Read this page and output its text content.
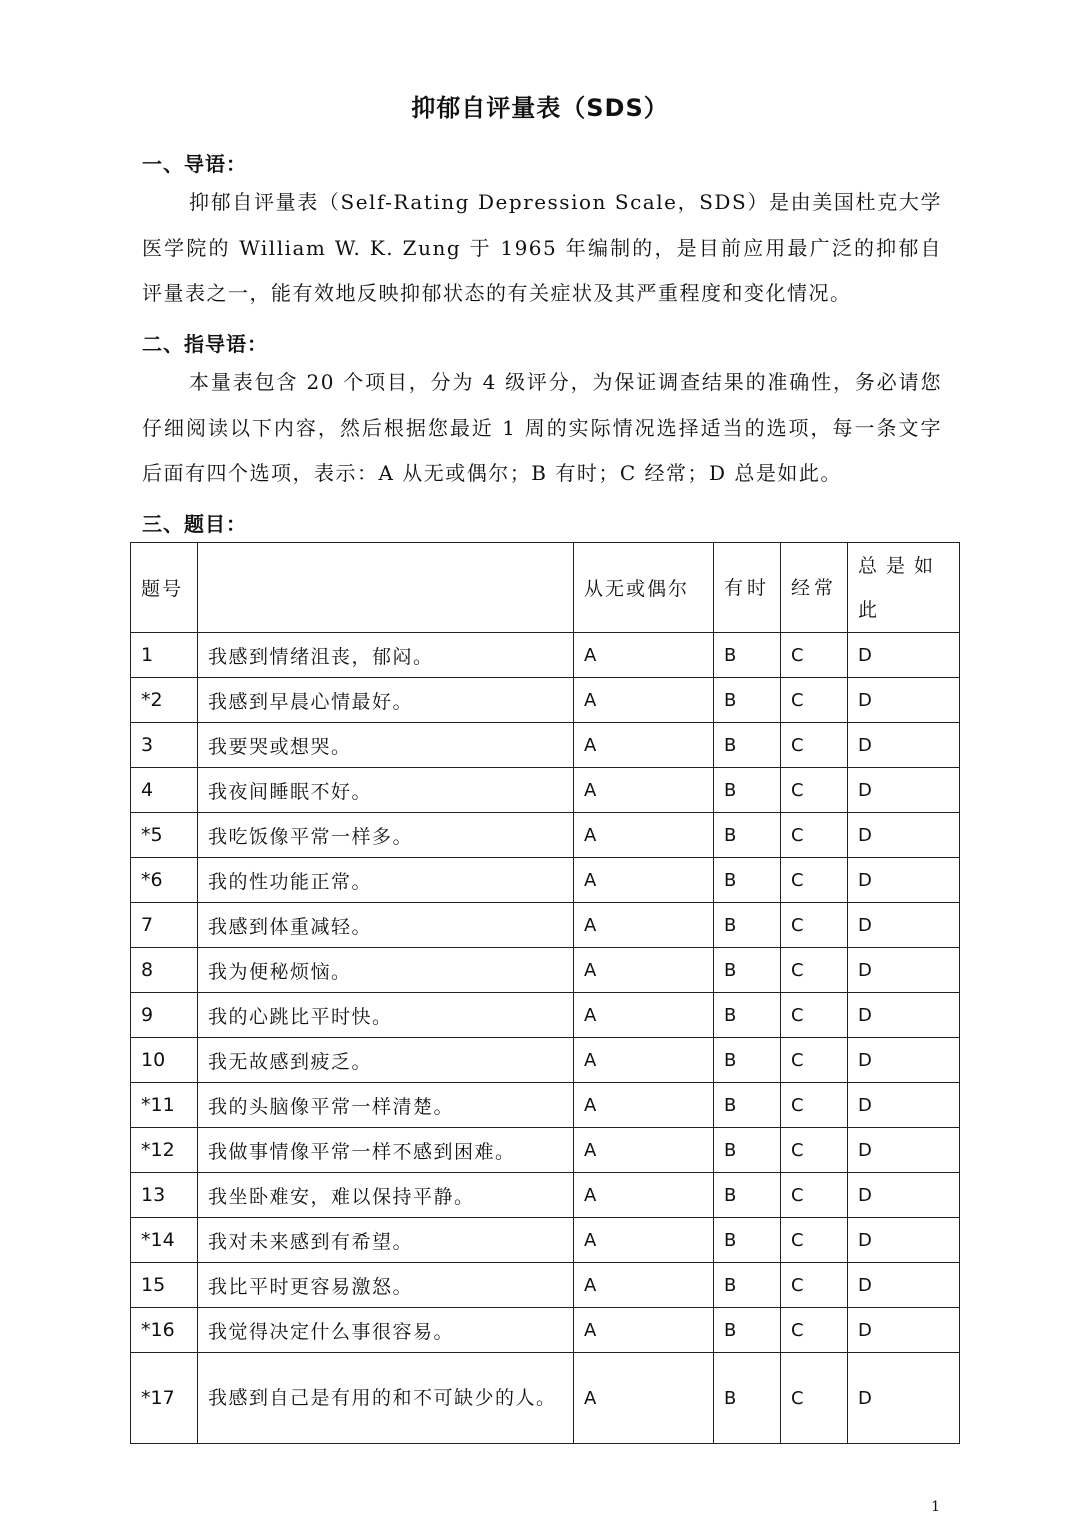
抑郁自评量表（SDS）
一、导语：

抑郁自评量表（Self-Rating Depression Scale，SDS）是由美国杜克大学医学院的 William W. K. Zung 于 1965 年编制的，是目前应用最广泛的抑郁自评量表之一，能有效地反映抑郁状态的有关症状及其严重程度和变化情况。

二、指导语：

本量表包含 20 个项目，分为 4 级评分，为保证调查结果的准确性，务必请您仔细阅读以下内容，然后根据您最近 1 周的实际情况选择适当的选项，每一条文字后面有四个选项，表示：A 从无或偶尔；B 有时；C 经常；D 总是如此。

三、题目：
题号		从无或偶尔	有时	经常	总是如此
1	我感到情绪沮丧，郁闷。	A	B	C	D
*2	我感到早晨心情最好。	A	B	C	D
3	我要哭或想哭。	A	B	C	D
4	我夜间睡眠不好。	A	B	C	D
*5	我吃饭像平常一样多。	A	B	C	D
*6	我的性功能正常。	A	B	C	D
7	我感到体重减轻。	A	B	C	D
8	我为便秘烦恼。	A	B	C	D
9	我的心跳比平时快。	A	B	C	D
10	我无故感到疲乏。	A	B	C	D
*11	我的头脑像平常一样清楚。	A	B	C	D
*12	我做事情像平常一样不感到困难。	A	B	C	D
13	我坐卧难安，难以保持平静。	A	B	C	D
*14	我对未来感到有希望。	A	B	C	D
15	我比平时更容易激怒。	A	B	C	D
*16	我觉得决定什么事很容易。	A	B	C	D
*17	我感到自己是有用的和不可缺少的人。	A	B	C	D
1
